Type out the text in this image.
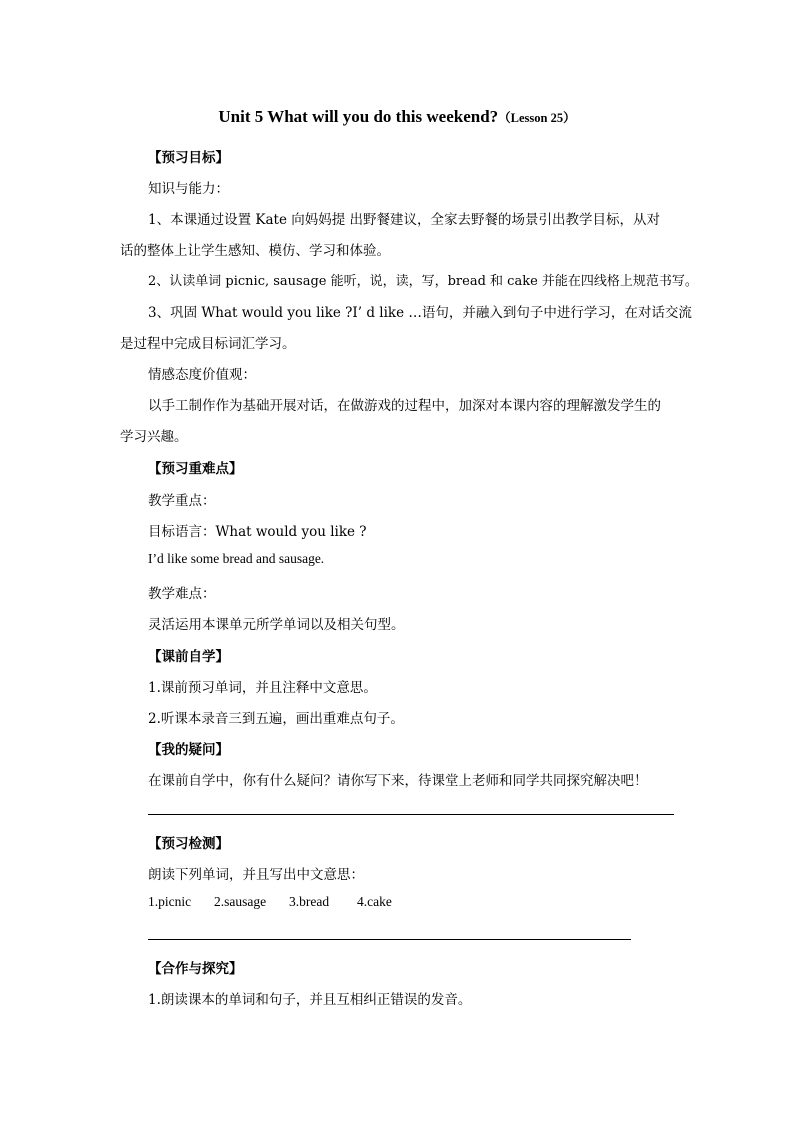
Unit 5 What will you do this weekend?（Lesson 25）
【预习目标】
知识与能力：
1、本课通过设置 Kate 向妈妈提 出野餐建议，全家去野餐的场景引出教学目标，从对
话的整体上让学生感知、模仿、学习和体验。
2、认读单词 picnic, sausage 能听，说，读，写，bread 和 cake 并能在四线格上规范书写。
3、巩固 What would you like ?I’ d like …语句，并融入到句子中进行学习，在对话交流
是过程中完成目标词汇学习。
情感态度价值观：
以手工制作作为基础开展对话，在做游戏的过程中，加深对本课内容的理解激发学生的
学习兴趣。
【预习重难点】
教学重点：
目标语言：What would you like ?
I’d like some bread and sausage.
教学难点：
灵活运用本课单元所学单词以及相关句型。
【课前自学】
1.课前预习单词，并且注释中文意思。
2.听课本录音三到五遍，画出重难点句子。
【我的疑问】
在课前自学中，你有什么疑问？请你写下来，待课堂上老师和同学共同探究解决吧！
【预习检测】
朗读下列单词，并且写出中文意思：
1.picnic 2.sausage 3.bread 4.cake
【合作与探究】
1.朗读课本的单词和句子，并且互相纠正错误的发音。
